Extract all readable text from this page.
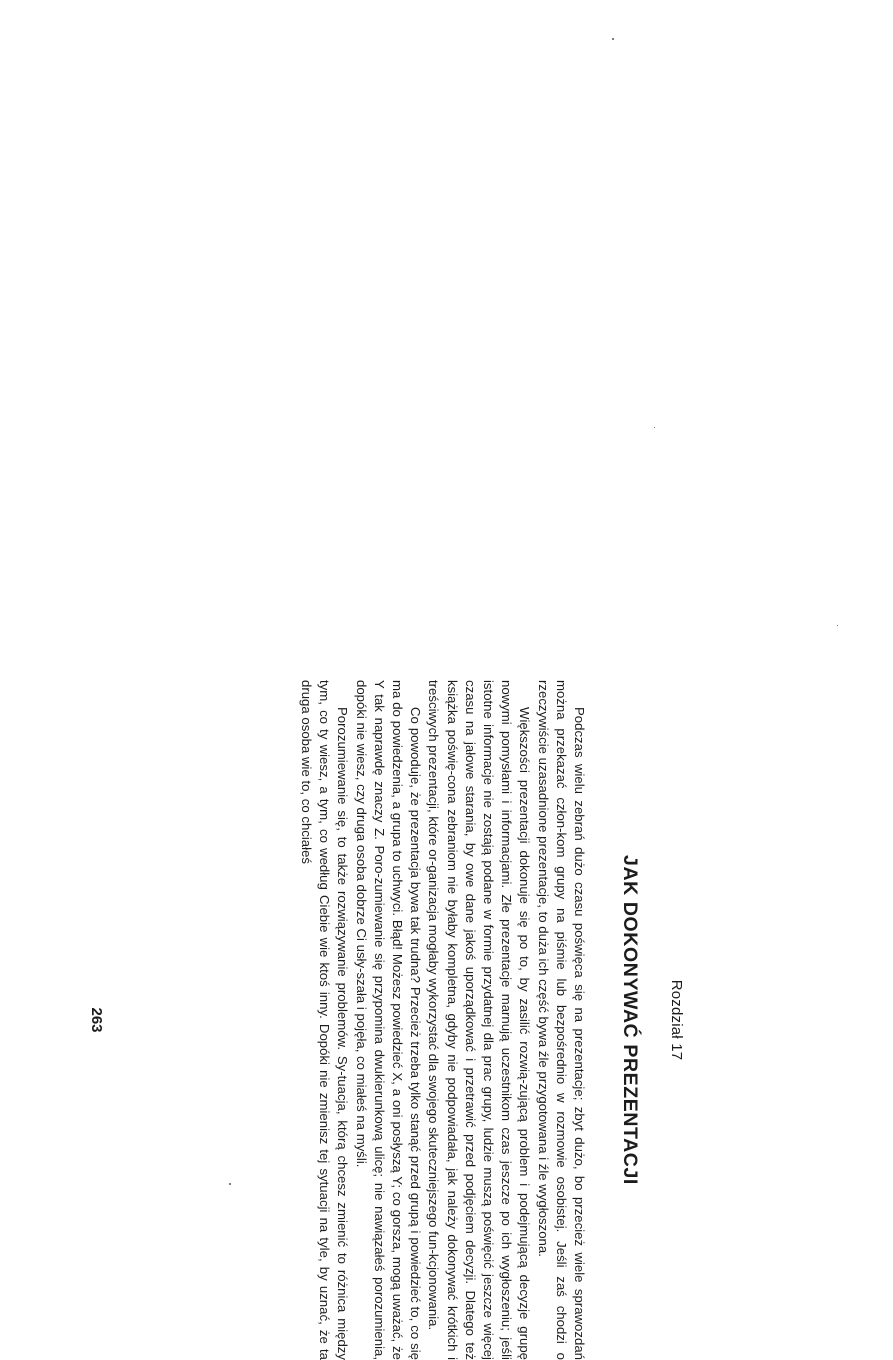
Rozdział 17
JAK DOKONYWAĆ PREZENTACJI

Podczas wielu zebrań dużo czasu poświęca się na prezentacje; zbyt dużo, bo przecież wiele sprawozdań można przekazać człon-kom grupy na piśmie lub bezpośrednio w rozmowie osobistej. Jeśli zaś chodzi o rzeczywiście uzasadnione prezentacje, to duża ich część bywa źle przygotowana i źle wygłoszona.

Większości prezentacji dokonuje się po to, by zasilić rozwią-zującą problem i podejmującą decyzje grupę nowymi pomysłami i informacjami. Złe prezentacje marnują uczestnikom czas jeszcze po ich wygłoszeniu; jeśli istotne informacje nie zostają podane w formie przydatnej dla prac grupy, ludzie muszą poświęcić jeszcze więcej czasu na jałowe starania, by owe dane jakoś uporządkować i przetrawić przed podjęciem decyzji. Dlatego też książka poświę-cona zebraniom nie byłaby kompletna, gdyby nie podpowiadała, jak należy dokonywać krótkich i treściwych prezentacji, które or-ganizacja mogłaby wykorzystać dla swojego skuteczniejszego fun-kcjonowania.

Co powoduje, że prezentacja bywa tak trudna? Przecież trzeba tylko stanąć przed grupą i powiedzieć to, co się ma do powiedzenia, a grupa to uchwyci. Błąd! Możesz powiedzieć X, a oni posłyszą Y; co gorsza, mogą uważać, że Y tak naprawdę znaczy Z. Poro-zumiewanie się przypomina dwukierunkową ulicę; nie nawiązałeś porozumienia, dopóki nie wiesz, czy druga osoba dobrze Ci usły-szała i pojęła, co miałeś na myśli.

Porozumiewanie się, to także rozwiązywanie problemów. Sy-tuacja, którą chcesz zmienić to różnica między tym, co ty wiesz, a tym, co według Ciebie wie ktoś inny. Dopóki nie zmienisz tej sytuacji na tyle, by uznać, że ta druga osoba wie to, co chciałeś

263
